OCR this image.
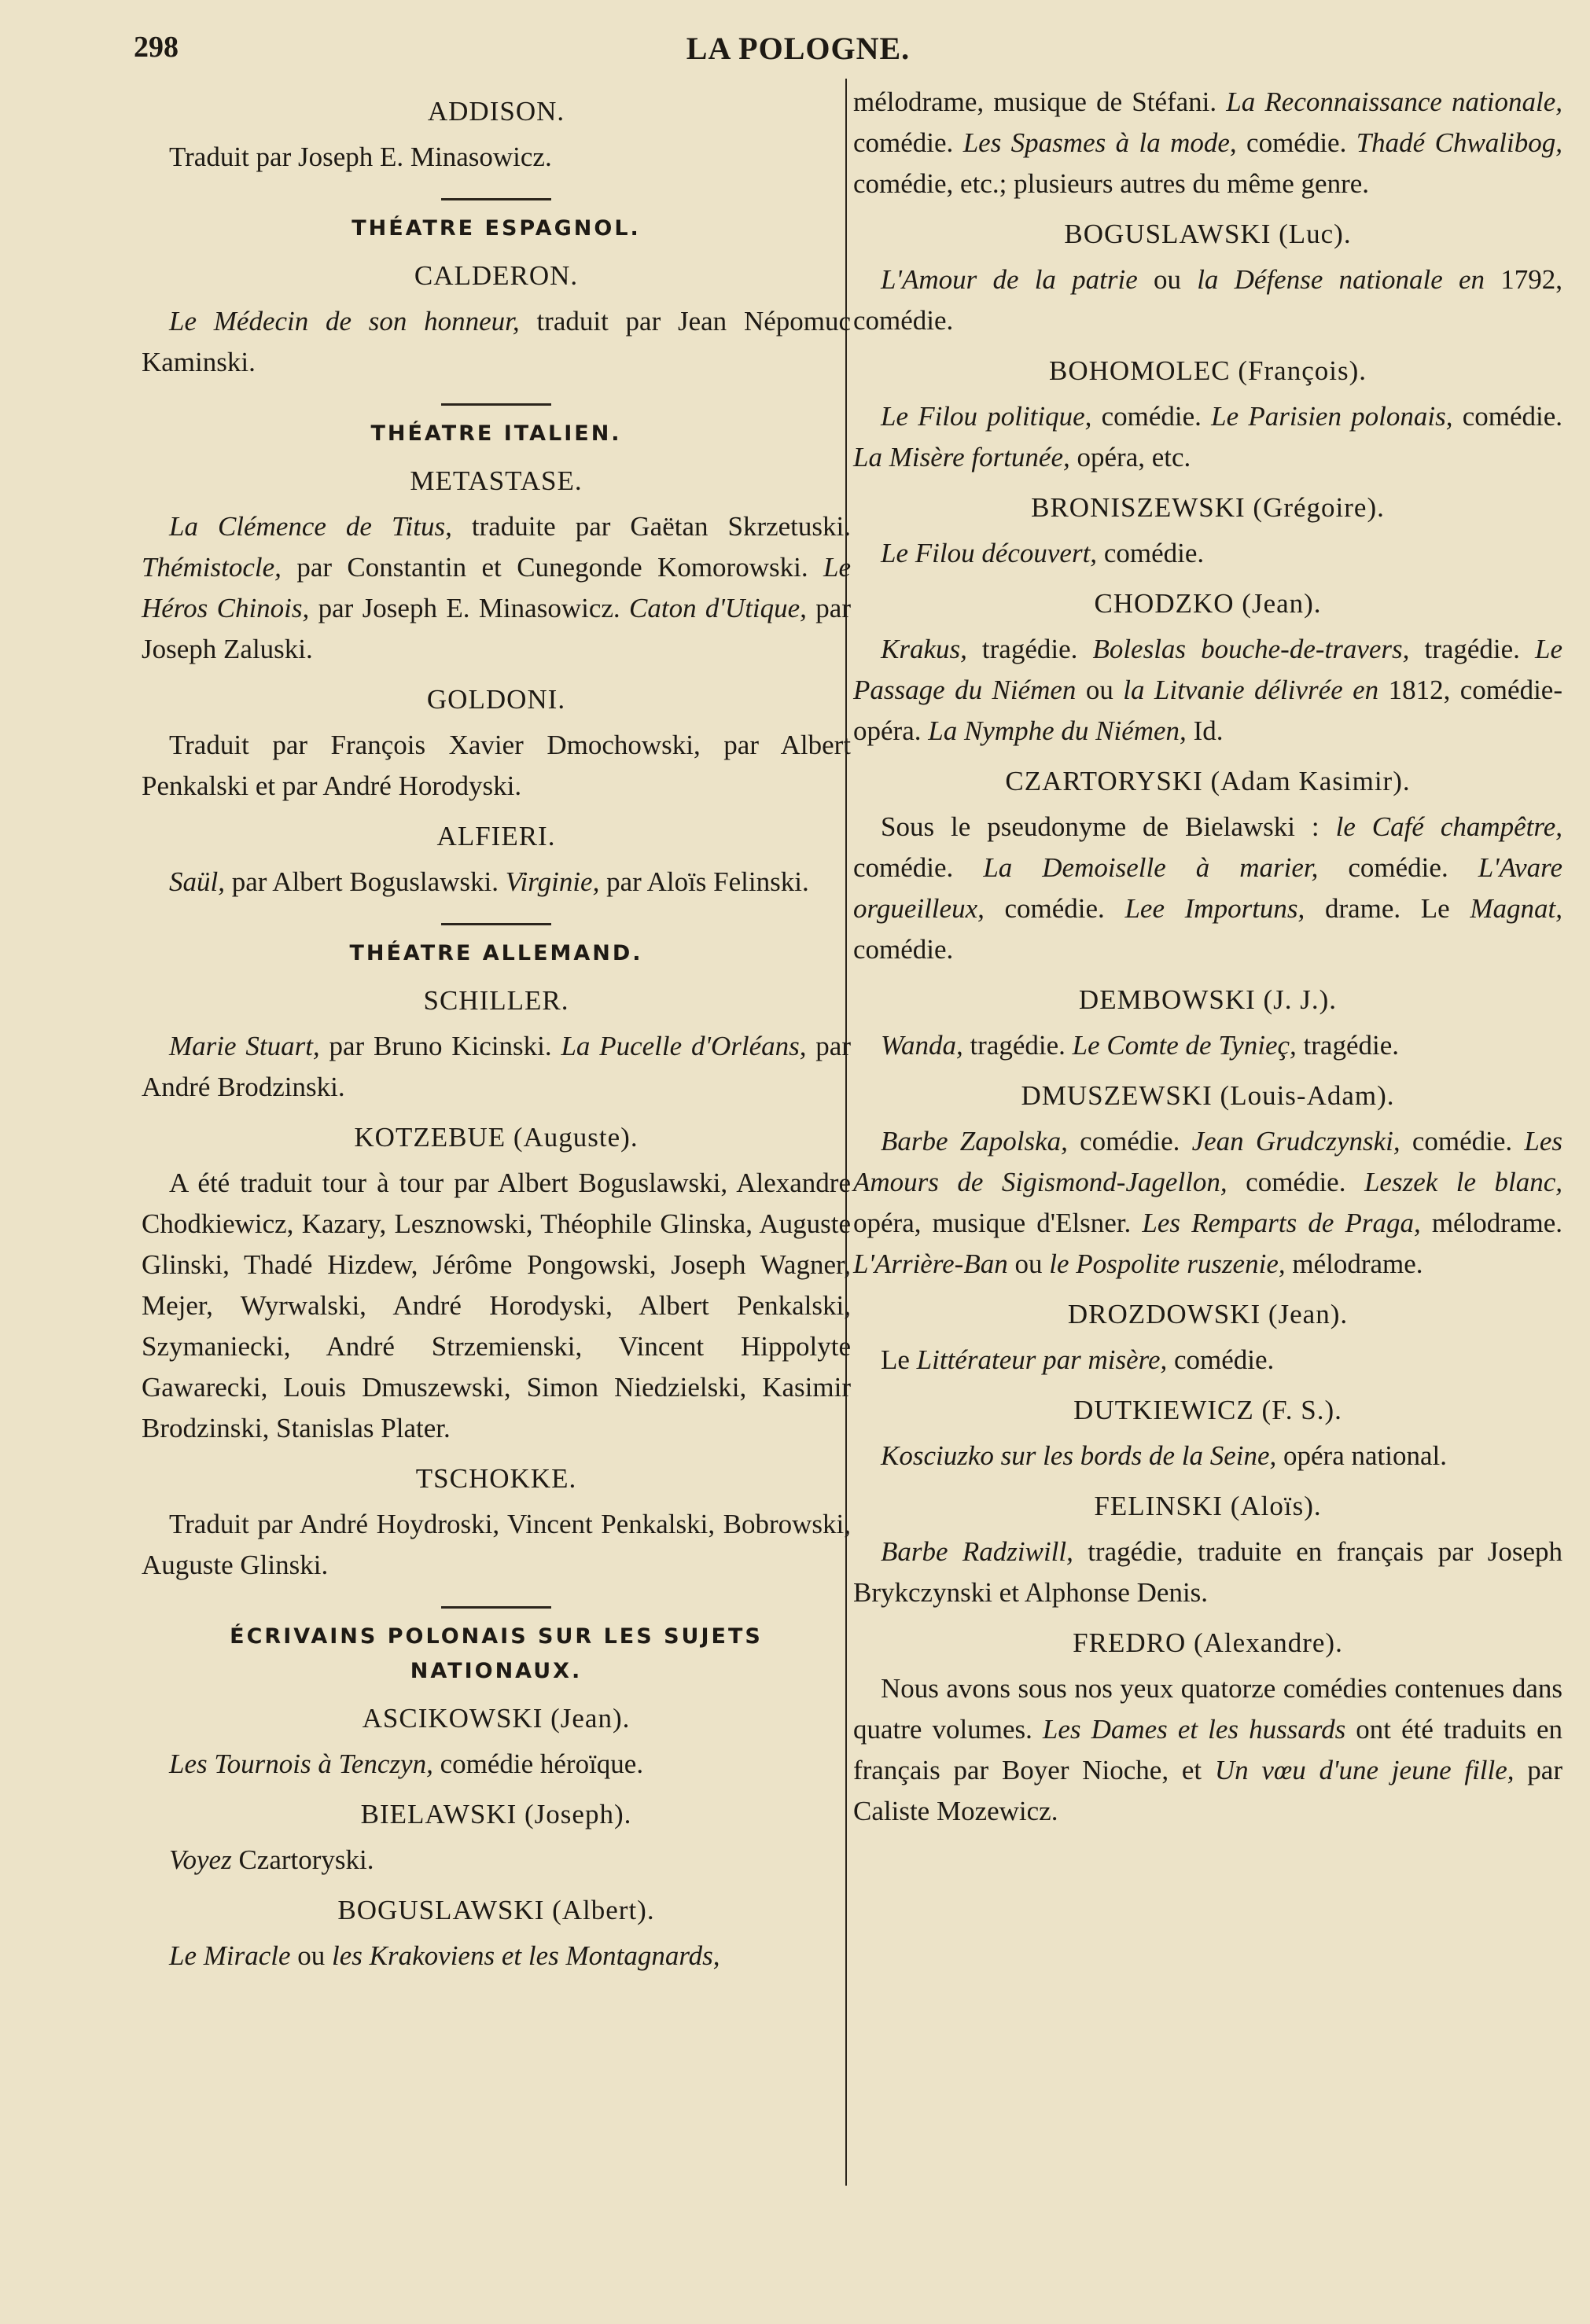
298	LA POLOGNE.
ADDISON.

Traduit par Joseph E. Minasowicz.

THÉATRE ESPAGNOL.
CALDERON.

Le Médecin de son honneur, traduit par Jean Népomuc Kaminski.

THÉATRE ITALIEN.
METASTASE.

La Clémence de Titus, traduite par Gaëtan Skrzetuski. Thémistocle, par Constantin et Cunegonde Komorowski. Le Héros Chinois, par Joseph E. Minasowicz. Caton d'Utique, par Joseph Zaluski.

GOLDONI.

Traduit par François Xavier Dmochowski, par Albert Penkalski et par André Horodyski.

ALFIERI.

Saül, par Albert Boguslawski. Virginie, par Aloïs Felinski.

THÉATRE ALLEMAND.
SCHILLER.

Marie Stuart, par Bruno Kicinski. La Pucelle d'Orléans, par André Brodzinski.

KOTZEBUE (Auguste).

A été traduit tour à tour par Albert Boguslawski, Alexandre Chodkiewicz, Kazary, Lesznowski, Théophile Glinska, Auguste Glinski, Thadé Hizdew, Jérôme Pongowski, Joseph Wagner, Mejer, Wyrwalski, André Horodyski, Albert Penkalski, Szymaniecki, André Strzemienski, Vincent Hippolyte Gawarecki, Louis Dmuszewski, Simon Niedzielski, Kasimir Brodzinski, Stanislas Plater.

TSCHOKKE.

Traduit par André Hoydroski, Vincent Penkalski, Bobrowski, Auguste Glinski.

ÉCRIVAINS POLONAIS SUR LES SUJETS NATIONAUX.
ASCIKOWSKI (Jean).

Les Tournois à Tenczyn, comédie héroïque.

BIELAWSKI (Joseph).

Voyez Czartoryski.

BOGUSLAWSKI (Albert).

Le Miracle ou les Krakoviens et les Montagnards,

mélodrame, musique de Stéfani. La Reconnaissance nationale, comédie. Les Spasmes à la mode, comédie. Thadé Chwalibog, comédie, etc.; plusieurs autres du même genre.

BOGUSLAWSKI (Luc).

L'Amour de la patrie ou la Défense nationale en 1792, comédie.

BOHOMOLEC (François).

Le Filou politique, comédie. Le Parisien polonais, comédie. La Misère fortunée, opéra, etc.

BRONISZEWSKI (Grégoire).

Le Filou découvert, comédie.

CHODZKO (Jean).

Krakus, tragédie. Boleslas bouche-de-travers, tragédie. Le Passage du Niémen ou la Litvanie délivrée en 1812, comédie-opéra. La Nymphe du Niémen, Id.

CZARTORYSKI (Adam Kasimir).

Sous le pseudonyme de Bielawski : le Café champêtre, comédie. La Demoiselle à marier, comédie. L'Avare orgueilleux, comédie. Lee Importuns, drame. Le Magnat, comédie.

DEMBOWSKI (J. J.).

Wanda, tragédie. Le Comte de Tynieç, tragédie.

DMUSZEWSKI (Louis-Adam).

Barbe Zapolska, comédie. Jean Grudczynski, comédie. Les Amours de Sigismond-Jagellon, comédie. Leszek le blanc, opéra, musique d'Elsner. Les Remparts de Praga, mélodrame. L'Arrière-Ban ou le Pospolite ruszenie, mélodrame.

DROZDOWSKI (Jean).

Le Littérateur par misère, comédie.

DUTKIEWICZ (F. S.).

Kosciuzko sur les bords de la Seine, opéra national.

FELINSKI (Aloïs).

Barbe Radziwill, tragédie, traduite en français par Joseph Brykczynski et Alphonse Denis.

FREDRO (Alexandre).

Nous avons sous nos yeux quatorze comédies contenues dans quatre volumes. Les Dames et les hussards ont été traduits en français par Boyer Nioche, et Un vœu d'une jeune fille, par Caliste Mozewicz.
